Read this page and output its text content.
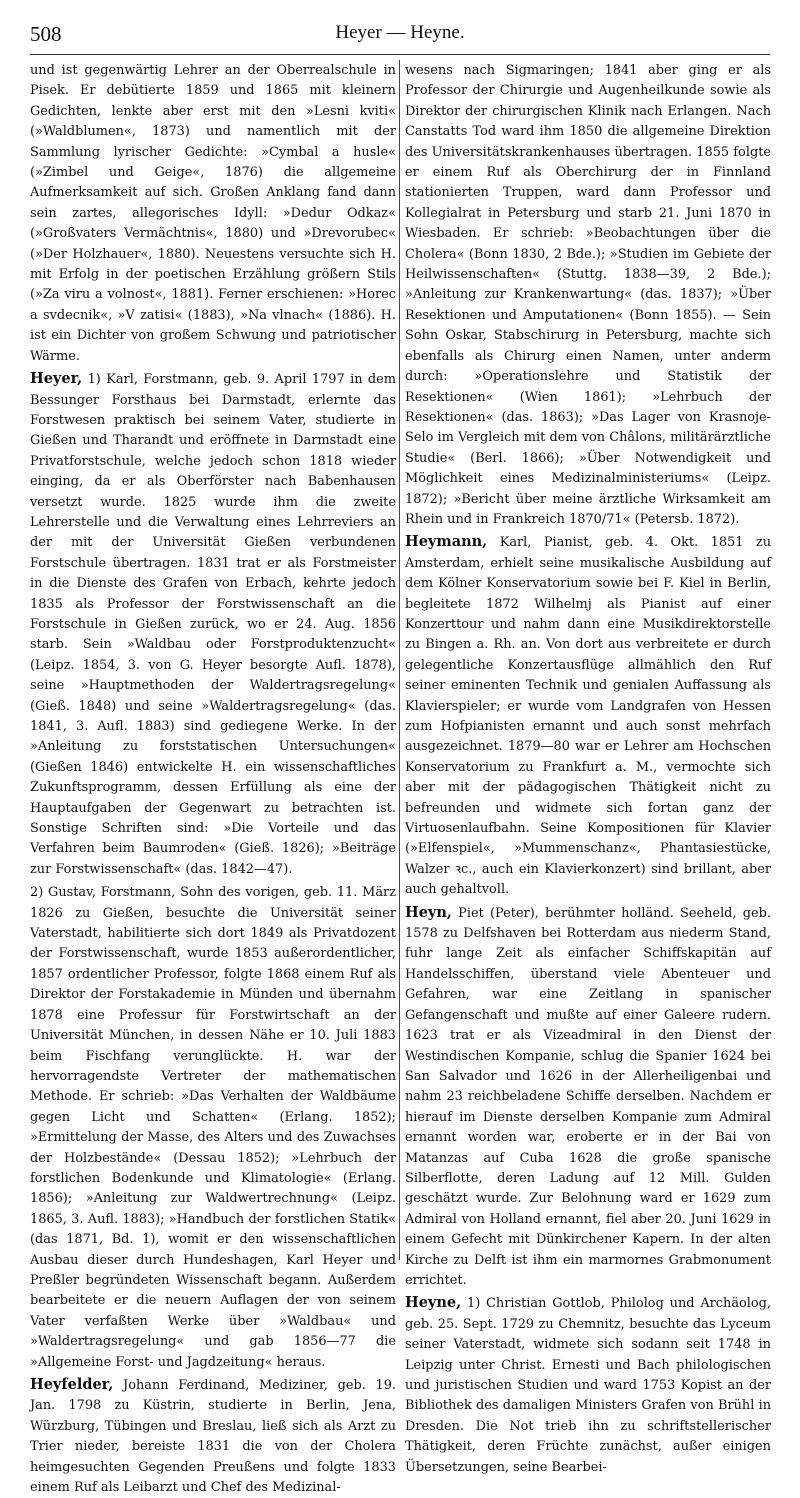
508	Heyer — Heyne.

und ist gegenwärtig Lehrer an der Oberrealschule in Pisek. Er debütierte 1859 und 1865 mit kleinern Gedichten, lenkte aber erst mit den »Lesni kviti« (»Waldblumen«, 1873) und namentlich mit der Sammlung lyrischer Gedichte: »Cymbal a husle« (»Zimbel und Geige«, 1876) die allgemeine Aufmerksamkeit auf sich. Großen Anklang fand dann sein zartes, allegorisches Idyll: »Dedur Odkaz« (»Großvaters Vermächtnis«, 1880) und »Drevorubec« (»Der Holzhauer«, 1880). Neuestens versuchte sich H. mit Erfolg in der poetischen Erzählung größern Stils (»Za viru a volnost«, 1881). Ferner erschienen: »Horec a svdecnik«, »V zatisi« (1883), »Na vlnach« (1886). H. ist ein Dichter von großem Schwung und patriotischer Wärme.

Heyer, 1) Karl, Forstmann, geb. 9. April 1797 in dem Bessunger Forsthaus bei Darmstadt, erlernte das Forstwesen praktisch bei seinem Vater, studierte in Gießen und Tharandt und eröffnete in Darmstadt eine Privatforstschule, welche jedoch schon 1818 wieder einging, da er als Oberförster nach Babenhausen versetzt wurde. 1825 wurde ihm die zweite Lehrerstelle und die Verwaltung eines Lehrreviers an der mit der Universität Gießen verbundenen Forstschule übertragen. 1831 trat er als Forstmeister in die Dienste des Grafen von Erbach, kehrte jedoch 1835 als Professor der Forstwissenschaft an die Forstschule in Gießen zurück, wo er 24. Aug. 1856 starb. Sein »Waldbau oder Forstproduktenzucht« (Leipz. 1854, 3. von G. Heyer besorgte Aufl. 1878), seine »Hauptmethoden der Waldertragsregelung« (Gieß. 1848) und seine »Waldertragsregelung« (das. 1841, 3. Aufl. 1883) sind gediegene Werke. In der »Anleitung zu forststatischen Untersuchungen« (Gießen 1846) entwickelte H. ein wissenschaftliches Zukunftsprogramm, dessen Erfüllung als eine der Hauptaufgaben der Gegenwart zu betrachten ist. Sonstige Schriften sind: »Die Vorteile und das Verfahren beim Baumroden« (Gieß. 1826); »Beiträge zur Forstwissenschaft« (das. 1842—47).

2) Gustav, Forstmann, Sohn des vorigen, geb. 11. März 1826 zu Gießen, besuchte die Universität seiner Vaterstadt, habilitierte sich dort 1849 als Privatdozent der Forstwissenschaft, wurde 1853 außerordentlicher, 1857 ordentlicher Professor, folgte 1868 einem Ruf als Direktor der Forstakademie in Münden und übernahm 1878 eine Professur für Forstwirtschaft an der Universität München, in dessen Nähe er 10. Juli 1883 beim Fischfang verunglückte. H. war der hervorragendste Vertreter der mathematischen Methode. Er schrieb: »Das Verhalten der Waldbäume gegen Licht und Schatten« (Erlang. 1852); »Ermittelung der Masse, des Alters und des Zuwachses der Holzbestände« (Dessau 1852); »Lehrbuch der forstlichen Bodenkunde und Klimatologie« (Erlang. 1856); »Anleitung zur Waldwertrechnung« (Leipz. 1865, 3. Aufl. 1883); »Handbuch der forstlichen Statik« (das 1871, Bd. 1), womit er den wissenschaftlichen Ausbau dieser durch Hundeshagen, Karl Heyer und Preßler begründeten Wissenschaft begann. Außerdem bearbeitete er die neuern Auflagen der von seinem Vater verfaßten Werke über »Waldbau« und »Waldertragsregelung« und gab 1856—77 die »Allgemeine Forst- und Jagdzeitung« heraus.

Heyfelder, Johann Ferdinand, Mediziner, geb. 19. Jan. 1798 zu Küstrin, studierte in Berlin, Jena, Würzburg, Tübingen und Breslau, ließ sich als Arzt zu Trier nieder, bereiste 1831 die von der Cholera heimgesuchten Gegenden Preußens und folgte 1833 einem Ruf als Leibarzt und Chef des Medizinal-

wesens nach Sigmaringen; 1841 aber ging er als Professor der Chirurgie und Augenheilkunde sowie als Direktor der chirurgischen Klinik nach Erlangen. Nach Canstatts Tod ward ihm 1850 die allgemeine Direktion des Universitätskrankenhauses übertragen. 1855 folgte er einem Ruf als Oberchirurg der in Finnland stationierten Truppen, ward dann Professor und Kollegialrat in Petersburg und starb 21. Juni 1870 in Wiesbaden. Er schrieb: »Beobachtungen über die Cholera« (Bonn 1830, 2 Bde.); »Studien im Gebiete der Heilwissenschaften« (Stuttg. 1838—39, 2 Bde.); »Anleitung zur Krankenwartung« (das. 1837); »Über Resektionen und Amputationen« (Bonn 1855). — Sein Sohn Oskar, Stabschirurg in Petersburg, machte sich ebenfalls als Chirurg einen Namen, unter anderm durch: »Operationslehre und Statistik der Resektionen« (Wien 1861); »Lehrbuch der Resektionen« (das. 1863); »Das Lager von Krasnoje-Selo im Vergleich mit dem von Châlons, militärärztliche Studie« (Berl. 1866); »Über Notwendigkeit und Möglichkeit eines Medizinalministeriums« (Leipz. 1872); »Bericht über meine ärztliche Wirksamkeit am Rhein und in Frankreich 1870/71« (Petersb. 1872).

Heymann, Karl, Pianist, geb. 4. Okt. 1851 zu Amsterdam, erhielt seine musikalische Ausbildung auf dem Kölner Konservatorium sowie bei F. Kiel in Berlin, begleitete 1872 Wilhelmj als Pianist auf einer Konzerttour und nahm dann eine Musikdirektorstelle zu Bingen a. Rh. an. Von dort aus verbreitete er durch gelegentliche Konzertausflüge allmählich den Ruf seiner eminenten Technik und genialen Auffassung als Klavierspieler; er wurde vom Landgrafen von Hessen zum Hofpianisten ernannt und auch sonst mehrfach ausgezeichnet. 1879—80 war er Lehrer am Hochschen Konservatorium zu Frankfurt a. M., vermochte sich aber mit der pädagogischen Thätigkeit nicht zu befreunden und widmete sich fortan ganz der Virtuosenlaufbahn. Seine Kompositionen für Klavier (»Elfenspiel«, »Mummenschanz«, Phantasiestücke, Walzer ꝛc., auch ein Klavierkonzert) sind brillant, aber auch gehaltvoll.

Heyn, Piet (Peter), berühmter holländ. Seeheld, geb. 1578 zu Delfshaven bei Rotterdam aus niederm Stand, fuhr lange Zeit als einfacher Schiffskapitän auf Handelsschiffen, überstand viele Abenteuer und Gefahren, war eine Zeitlang in spanischer Gefangenschaft und mußte auf einer Galeere rudern. 1623 trat er als Vizeadmiral in den Dienst der Westindischen Kompanie, schlug die Spanier 1624 bei San Salvador und 1626 in der Allerheiligenbai und nahm 23 reichbeladene Schiffe derselben. Nachdem er hierauf im Dienste derselben Kompanie zum Admiral ernannt worden war, eroberte er in der Bai von Matanzas auf Cuba 1628 die große spanische Silberflotte, deren Ladung auf 12 Mill. Gulden geschätzt wurde. Zur Belohnung ward er 1629 zum Admiral von Holland ernannt, fiel aber 20. Juni 1629 in einem Gefecht mit Dünkirchener Kapern. In der alten Kirche zu Delft ist ihm ein marmornes Grabmonument errichtet.

Heyne, 1) Christian Gottlob, Philolog und Archäolog, geb. 25. Sept. 1729 zu Chemnitz, besuchte das Lyceum seiner Vaterstadt, widmete sich sodann seit 1748 in Leipzig unter Christ. Ernesti und Bach philologischen und juristischen Studien und ward 1753 Kopist an der Bibliothek des damaligen Ministers Grafen von Brühl in Dresden. Die Not trieb ihn zu schriftstellerischer Thätigkeit, deren Früchte zunächst, außer einigen Übersetzungen, seine Bearbei-
